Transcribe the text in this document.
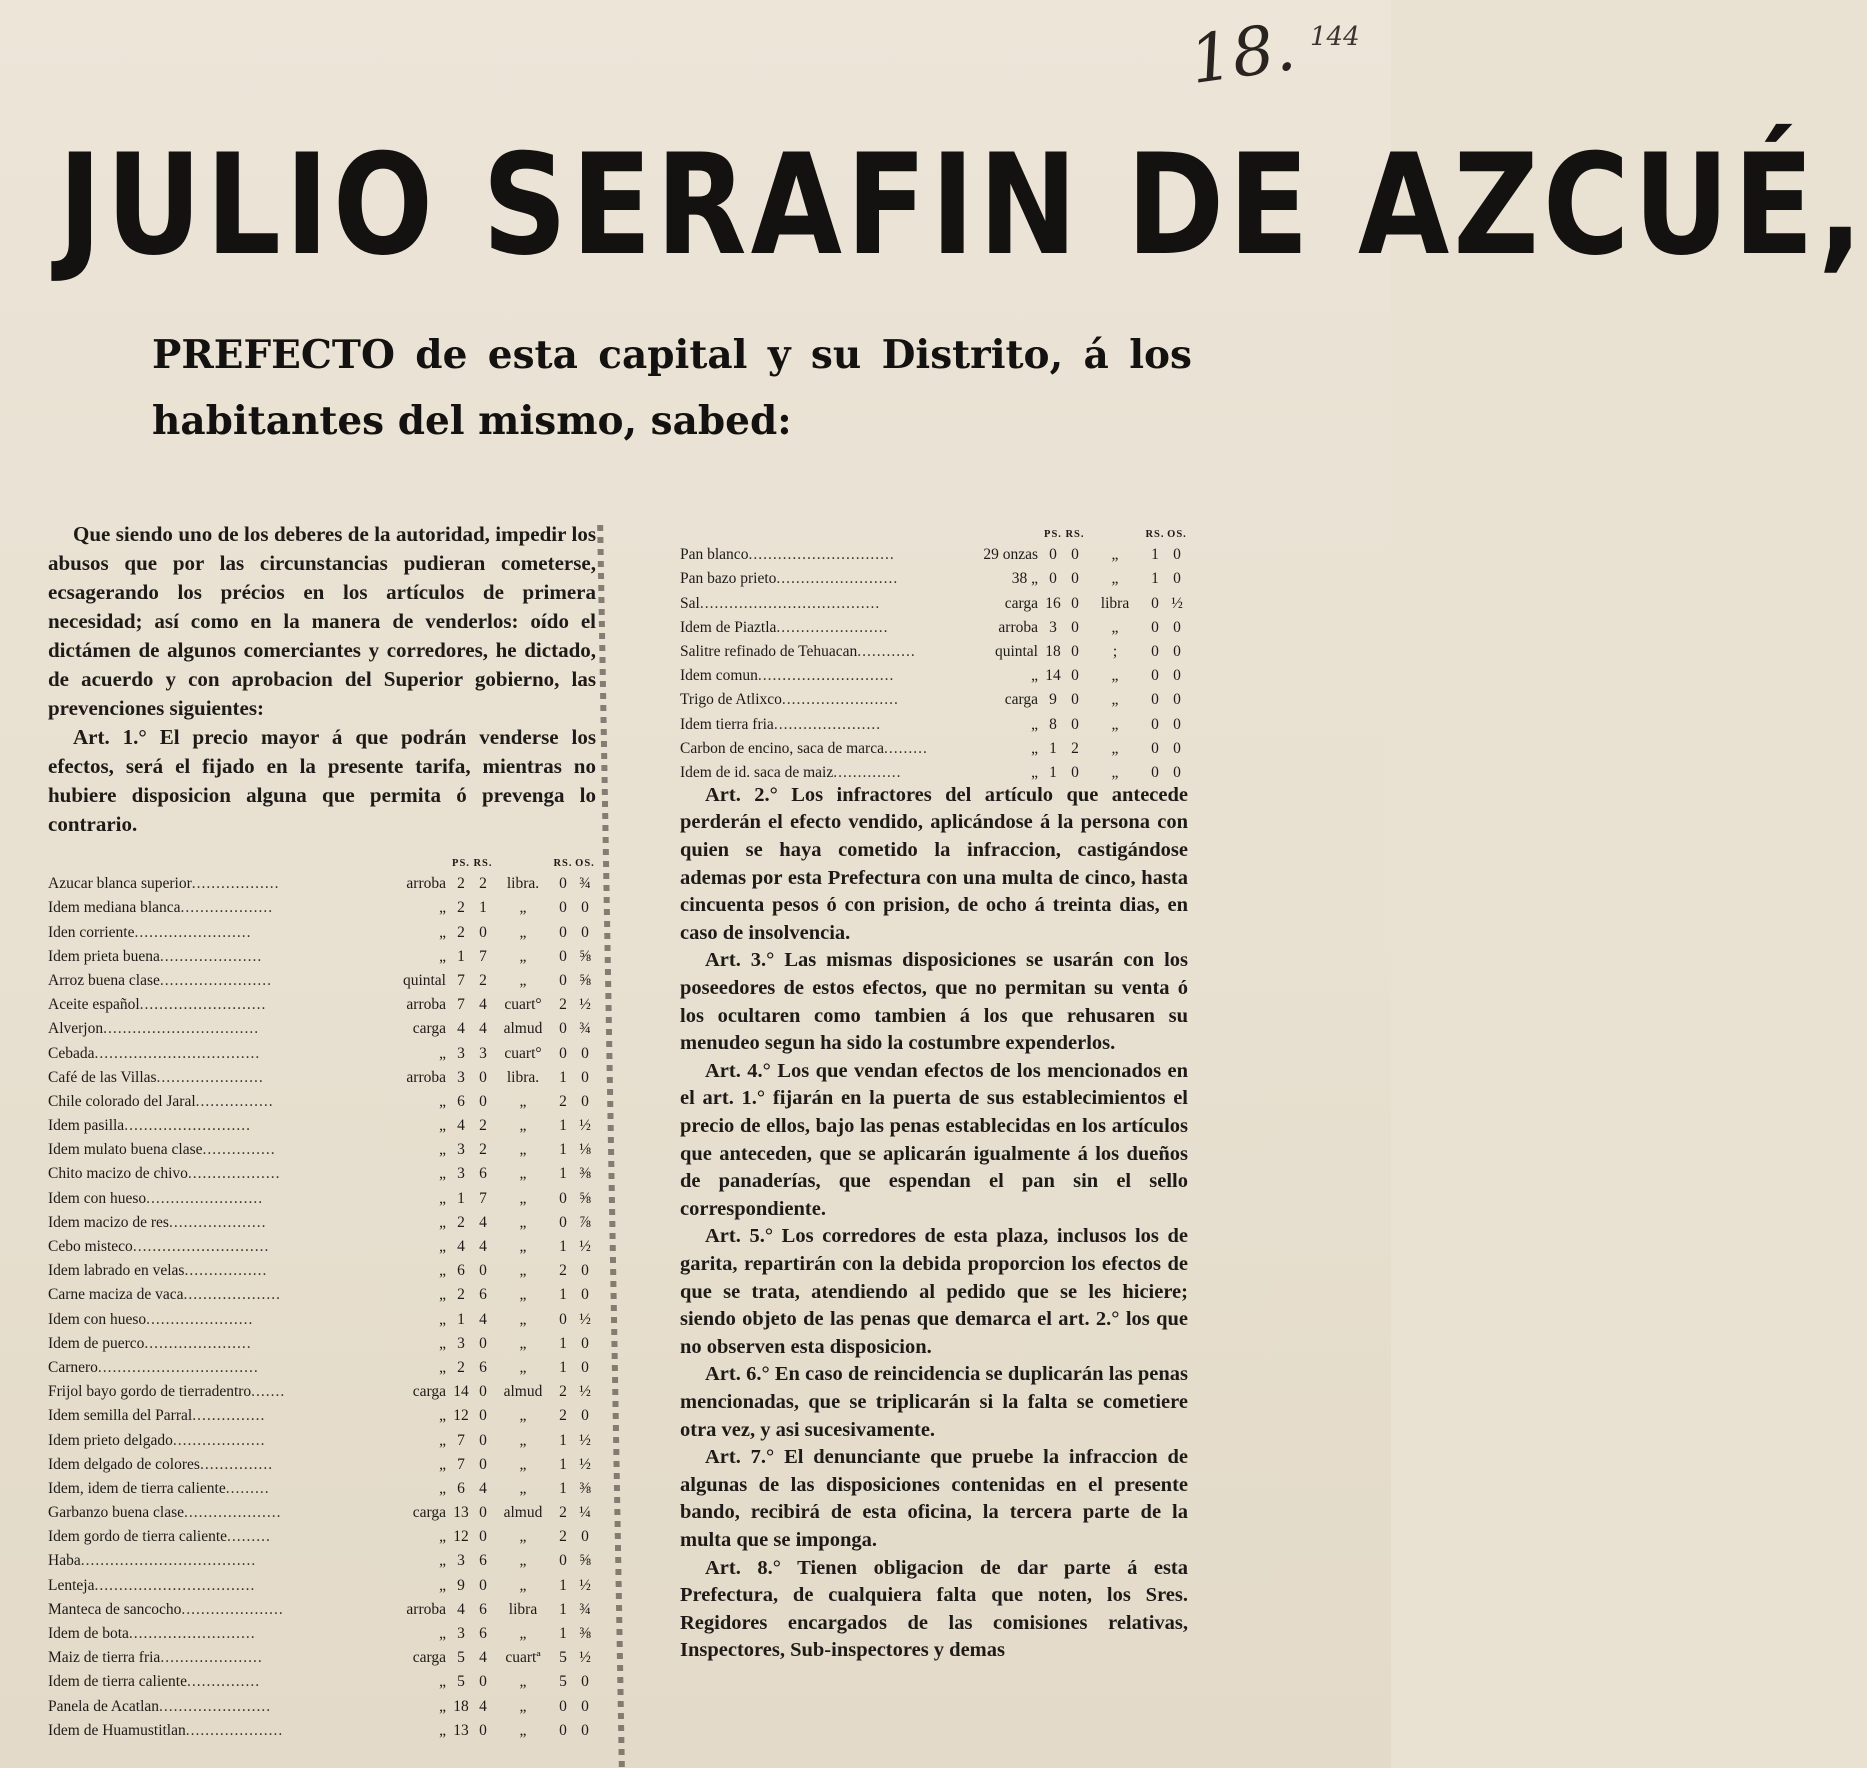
18. 144
JULIO SERAFIN DE AZCUÉ,
PREFECTO de esta capital y su Distrito, á los habitantes del mismo, sabed:

Que siendo uno de los deberes de la autoridad, impedir los abusos que por las circunstancias pudieran cometerse, ecsagerando los précios en los artículos de primera necesidad; así como en la manera de venderlos: oído el dictámen de algunos comerciantes y corredores, he dictado, de acuerdo y con aprobacion del Superior gobierno, las prevenciones siguientes:

Art. 1.° El precio mayor á que podrán venderse los efectos, será el fijado en la presente tarifa, mientras no hubiere disposicion alguna que permita ó prevenga lo contrario.

		PS.	RS.		RS.	OS.
Azucar blanca superior..................	arroba	2	2	libra.	0	¾
Idem mediana blanca...................	„	2	1	„	0	0
Iden corriente........................	„	2	0	„	0	0
Idem prieta buena.....................	„	1	7	„	0	⅝
Arroz buena clase.......................	quintal	7	2	„	0	⅝
Aceite español..........................	arroba	7	4	cuart°	2	½
Alverjon................................	carga	4	4	almud	0	¾
Cebada..................................	„	3	3	cuart°	0	0
Café de las Villas......................	arroba	3	0	libra.	1	0
Chile colorado del Jaral................	„	6	0	„	2	0
Idem pasilla..........................	„	4	2	„	1	½
Idem mulato buena clase...............	„	3	2	„	1	⅛
Chito macizo de chivo...................	„	3	6	„	1	⅜
Idem con hueso........................	„	1	7	„	0	⅝
Idem macizo de res....................	„	2	4	„	0	⅞
Cebo misteco............................	„	4	4	„	1	½
Idem labrado en velas.................	„	6	0	„	2	0
Carne maciza de vaca....................	„	2	6	„	1	0
Idem con hueso......................	„	1	4	„	0	½
Idem de puerco......................	„	3	0	„	1	0
Carnero.................................	„	2	6	„	1	0
Frijol bayo gordo de tierradentro.......	carga	14	0	almud	2	½
Idem semilla del Parral...............	„	12	0	„	2	0
Idem prieto delgado...................	„	7	0	„	1	½
Idem delgado de colores...............	„	7	0	„	1	½
Idem, idem de tierra caliente.........	„	6	4	„	1	⅜
Garbanzo buena clase....................	carga	13	0	almud	2	¼
Idem gordo de tierra caliente.........	„	12	0	„	2	0
Haba....................................	„	3	6	„	0	⅝
Lenteja.................................	„	9	0	„	1	½
Manteca de sancocho.....................	arroba	4	6	libra	1	¾
Idem de bota..........................	„	3	6	„	1	⅜
Maiz de tierra fria.....................	carga	5	4	cuartª	5	½
Idem de tierra caliente...............	„	5	0	„	5	0
Panela de Acatlan.......................	„	18	4	„	0	0
Idem de Huamustitlan....................	„	13	0	„	0	0
		PS.	RS.		RS.	OS.
Pan blanco..............................	29 onzas	0	0	„	1	0
Pan bazo prieto.........................	38 „	0	0	„	1	0
Sal.....................................	carga	16	0	libra	0	½
Idem de Piaztla.......................	arroba	3	0	„	0	0
Salitre refinado de Tehuacan............	quintal	18	0	;	0	0
Idem comun............................	„	14	0	„	0	0
Trigo de Atlixco........................	carga	9	0	„	0	0
Idem tierra fria......................	„	8	0	„	0	0
Carbon de encino, saca de marca.........	„	1	2	„	0	0
Idem de id. saca de maiz..............	„	1	0	„	0	0

Art. 2.° Los infractores del artículo que antecede perderán el efecto vendido, aplicándose á la persona con quien se haya cometido la infraccion, castigándose ademas por esta Prefectura con una multa de cinco, hasta cincuenta pesos ó con prision, de ocho á treinta dias, en caso de insolvencia.

Art. 3.° Las mismas disposiciones se usarán con los poseedores de estos efectos, que no permitan su venta ó los ocultaren como tambien á los que rehusaren su menudeo segun ha sido la costumbre expenderlos.

Art. 4.° Los que vendan efectos de los mencionados en el art. 1.° fijarán en la puerta de sus establecimientos el precio de ellos, bajo las penas establecidas en los artículos que anteceden, que se aplicarán igualmente á los dueños de panaderías, que espendan el pan sin el sello correspondiente.

Art. 5.° Los corredores de esta plaza, inclusos los de garita, repartirán con la debida proporcion los efectos de que se trata, atendiendo al pedido que se les hiciere; siendo objeto de las penas que demarca el art. 2.° los que no observen esta disposicion.

Art. 6.° En caso de reincidencia se duplicarán las penas mencionadas, que se triplicarán si la falta se cometiere otra vez, y asi sucesivamente.

Art. 7.° El denunciante que pruebe la infraccion de algunas de las disposiciones contenidas en el presente bando, recibirá de esta oficina, la tercera parte de la multa que se imponga.

Art. 8.° Tienen obligacion de dar parte á esta Prefectura, de cualquiera falta que noten, los Sres. Regidores encargados de las comisiones relativas, Inspectores, Sub-inspectores y demas
